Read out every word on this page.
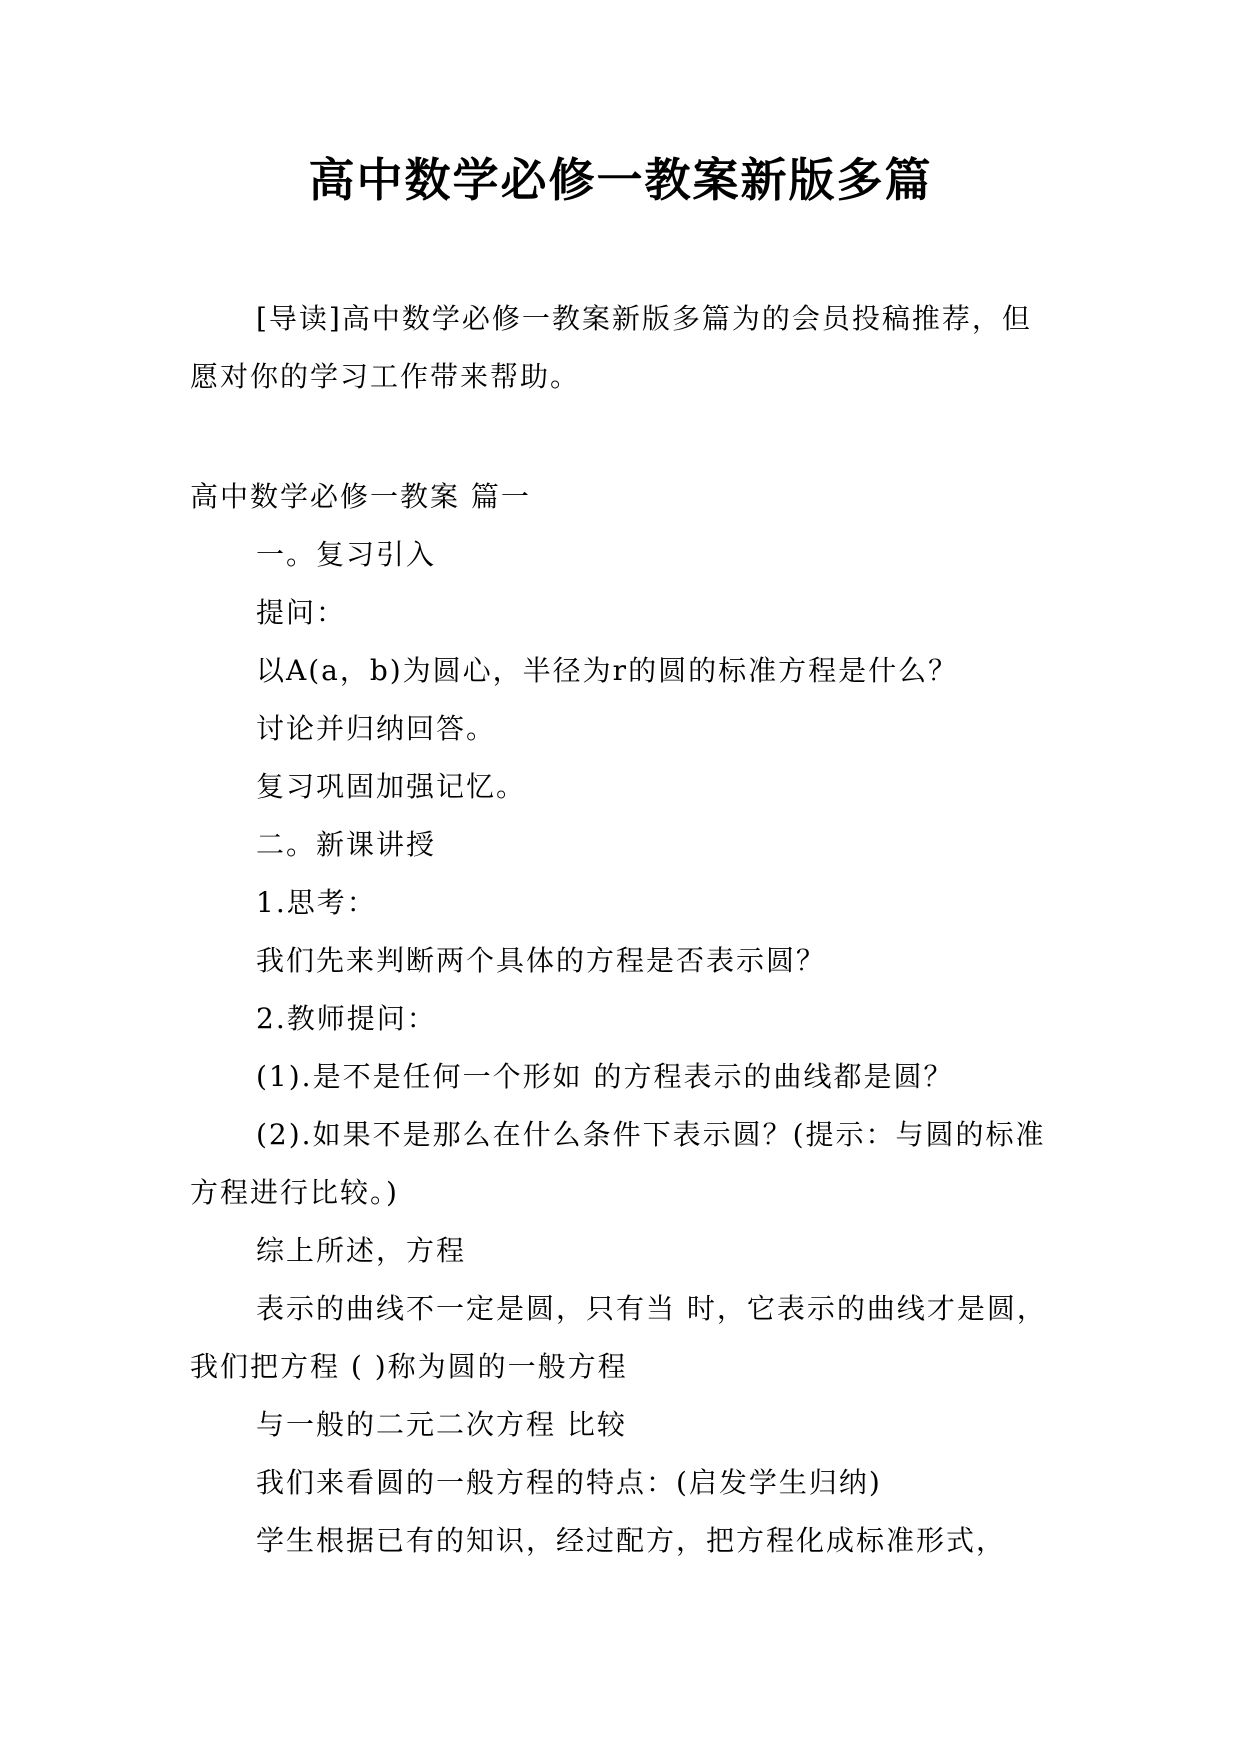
高中数学必修一教案新版多篇

[导读]高中数学必修一教案新版多篇为的会员投稿推荐，但愿对你的学习工作带来帮助。

高中数学必修一教案 篇一

一。复习引入

提问：

以A(a，b)为圆心，半径为r的圆的标准方程是什么？

讨论并归纳回答。

复习巩固加强记忆。

二。新课讲授

1.思考：

我们先来判断两个具体的方程是否表示圆？

2.教师提问：

(1).是不是任何一个形如 的方程表示的曲线都是圆？

(2).如果不是那么在什么条件下表示圆？(提示：与圆的标准方程进行比较。)

综上所述，方程

表示的曲线不一定是圆，只有当 时，它表示的曲线才是圆， 我们把方程 ( )称为圆的一般方程

与一般的二元二次方程 比较

我们来看圆的一般方程的特点：(启发学生归纳)

学生根据已有的知识，经过配方，把方程化成标准形式，
